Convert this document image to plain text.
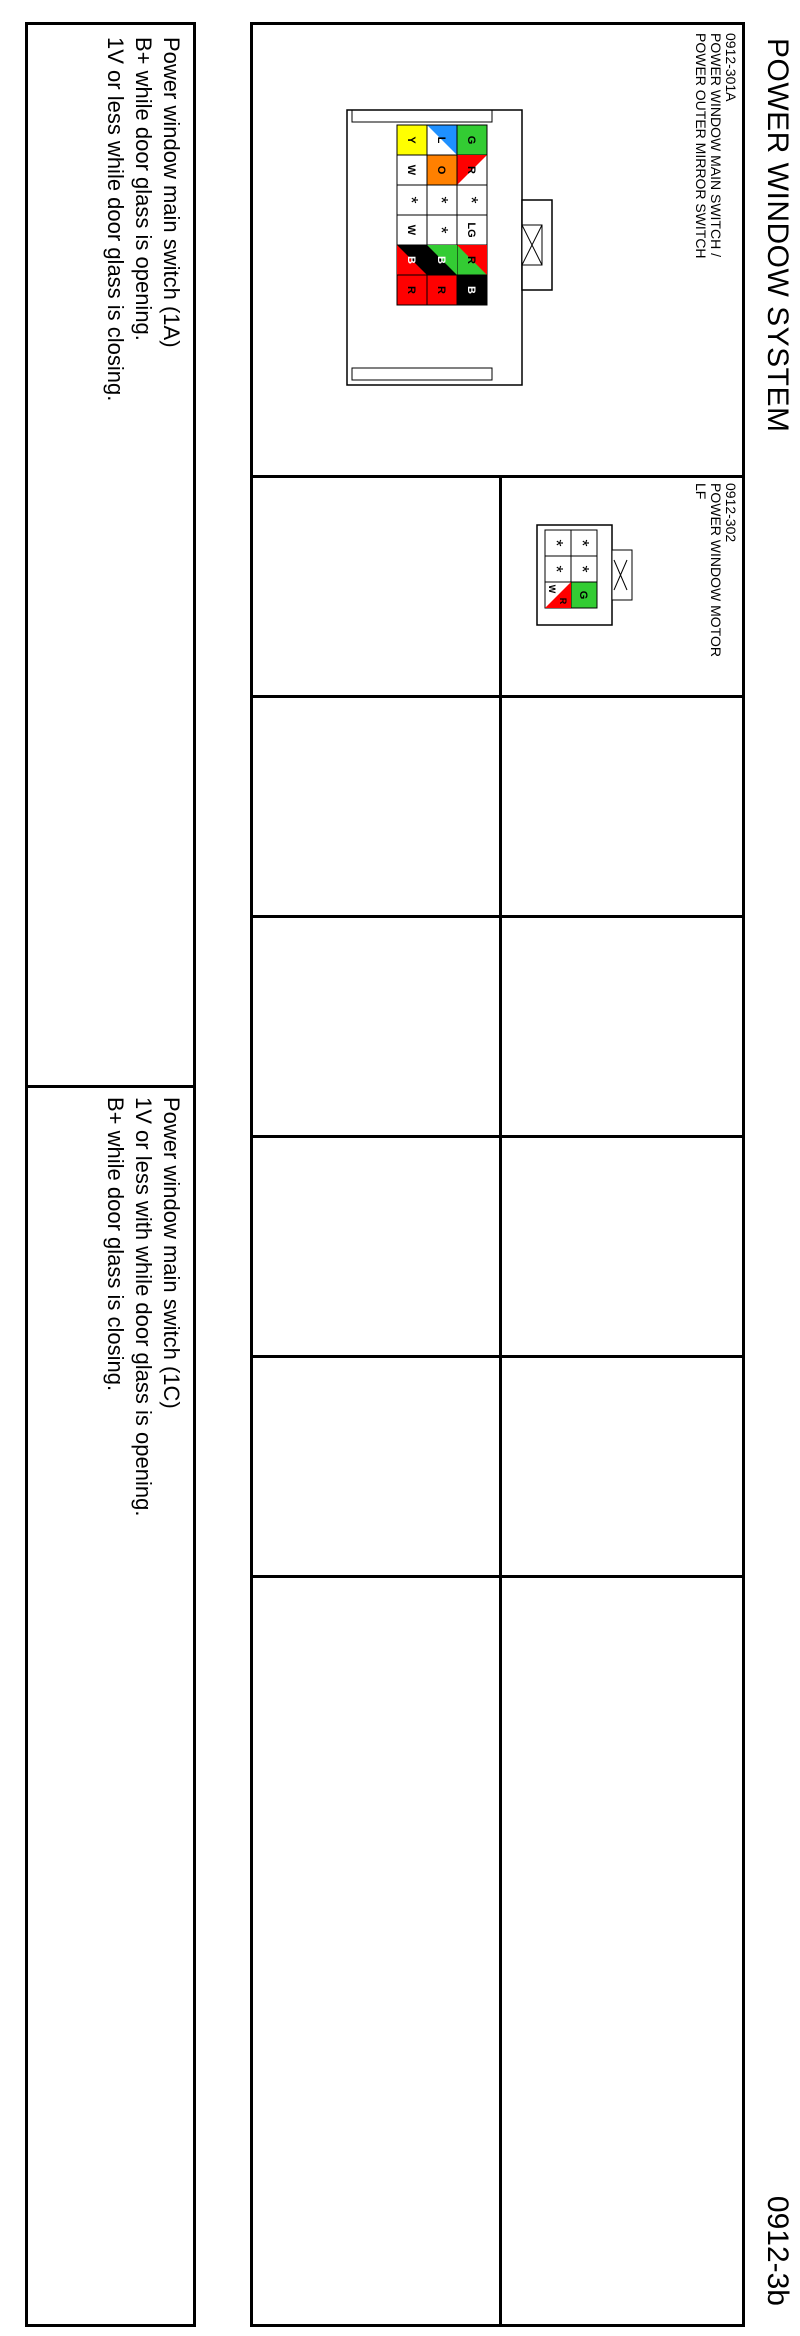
POWER WINDOW SYSTEM
0912-3b
0912-301A
POWER WINDOW MAIN SWITCH /
POWER OUTER MIRROR SWITCH
G
R
*
LG
R
B
L
O
*
*
B
R
Y
W
*
W
B
R
0912-302
POWER WINDOW MOTOR
LF
*
*
G
*
*
R
W
Power window main switch (1A)
B+ while door glass is opening.
1V or less while door glass is closing.
Power window main switch (1C)
1V or less with while door glass is opening.
B+ while door glass is closing.
